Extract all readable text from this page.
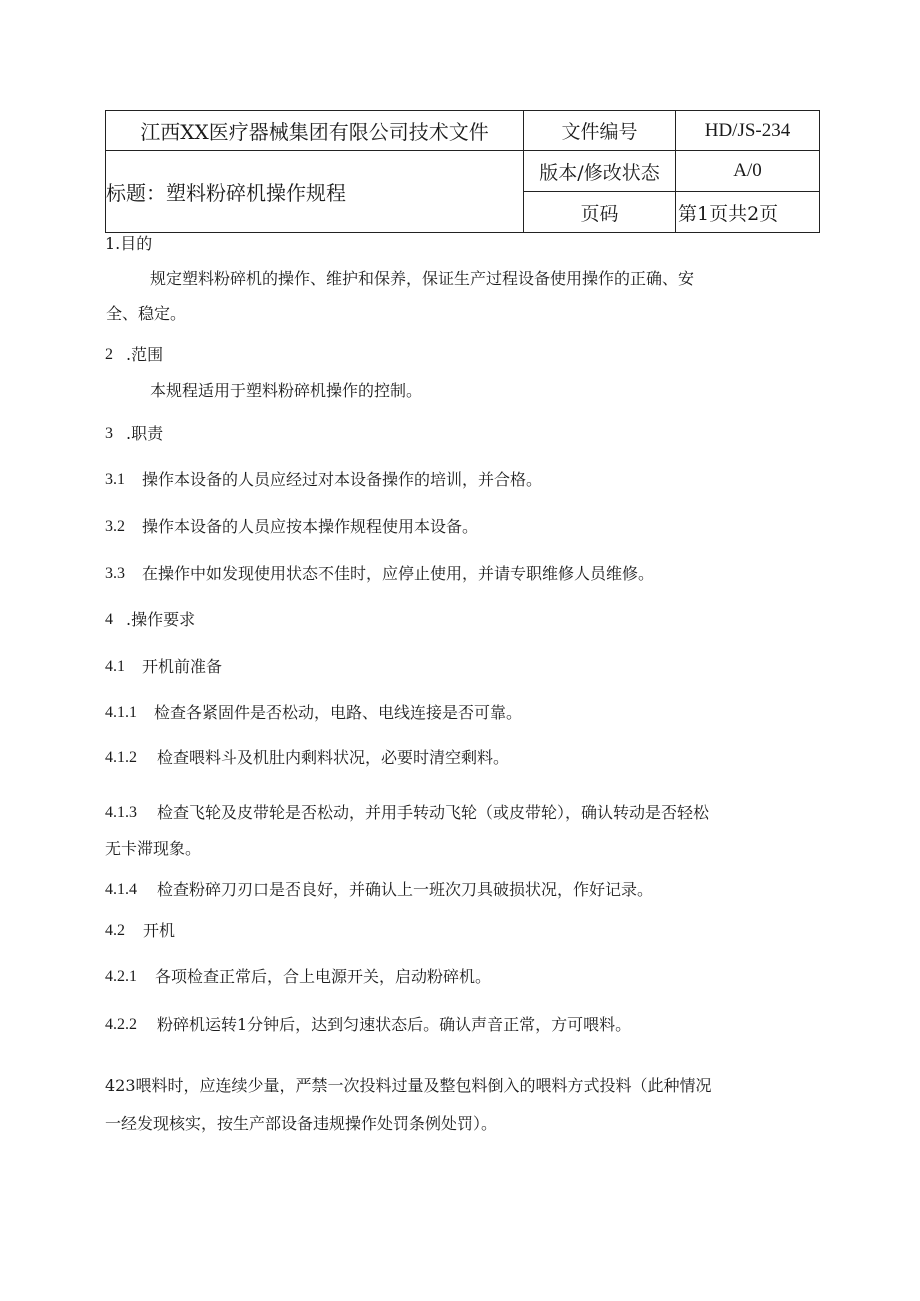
江西XX医疗器械集团有限公司技术文件	文件编号	HD/JS-234
标题：塑料粉碎机操作规程	版本/修改状态	A/0
	页码	第1页共2页
1.目的
规定塑料粉碎机的操作、维护和保养，保证生产过程设备使用操作的正确、安
全、稳定。
2 .范围
本规程适用于塑料粉碎机操作的控制。
3 .职责
3.1 操作本设备的人员应经过对本设备操作的培训，并合格。
3.2 操作本设备的人员应按本操作规程使用本设备。
3.3 在操作中如发现使用状态不佳时，应停止使用，并请专职维修人员维修。
4 .操作要求
4.1 开机前准备
4.1.1 检查各紧固件是否松动，电路、电线连接是否可靠。
4.1.2 检查喂料斗及机肚内剩料状况，必要时清空剩料。
4.1.3 检查飞轮及皮带轮是否松动，并用手转动飞轮（或皮带轮），确认转动是否轻松
无卡滞现象。
4.1.4 检查粉碎刀刃口是否良好，并确认上一班次刀具破损状况，作好记录。
4.2 开机
4.2.1 各项检查正常后，合上电源开关，启动粉碎机。
4.2.2 粉碎机运转1分钟后，达到匀速状态后。确认声音正常，方可喂料。
423喂料时，应连续少量，严禁一次投料过量及整包料倒入的喂料方式投料（此种情况
一经发现核实，按生产部设备违规操作处罚条例处罚）。
